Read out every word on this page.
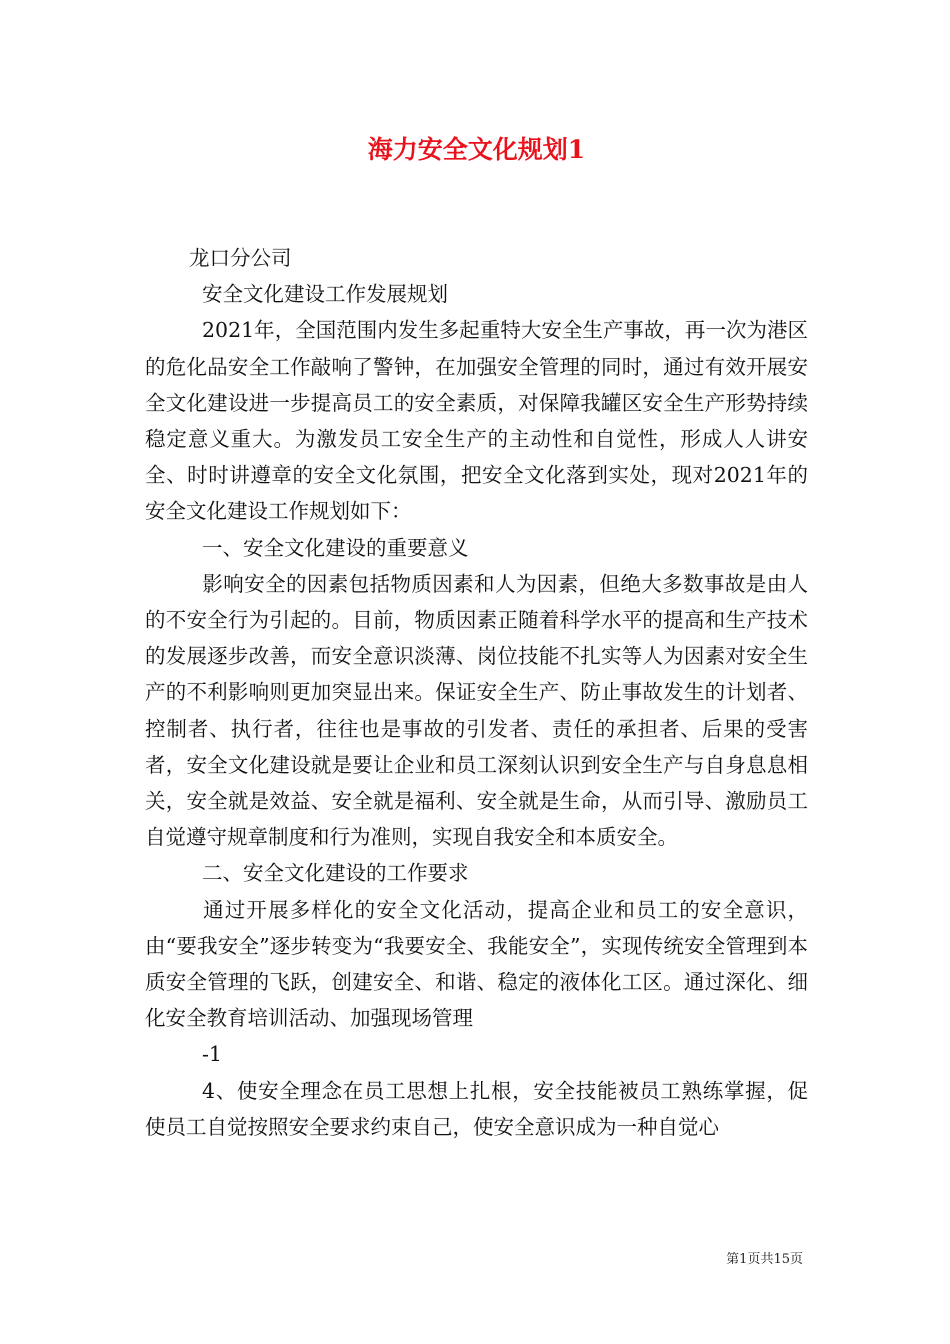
海力安全文化规划1

龙口分公司

安全文化建设工作发展规划

2021年，全国范围内发生多起重特大安全生产事故，再一次为港区的危化品安全工作敲响了警钟，在加强安全管理的同时，通过有效开展安全文化建设进一步提高员工的安全素质，对保障我罐区安全生产形势持续稳定意义重大。为激发员工安全生产的主动性和自觉性，形成人人讲安全、时时讲遵章的安全文化氛围，把安全文化落到实处，现对2021年的安全文化建设工作规划如下：

一、安全文化建设的重要意义

影响安全的因素包括物质因素和人为因素，但绝大多数事故是由人的不安全行为引起的。目前，物质因素正随着科学水平的提高和生产技术的发展逐步改善，而安全意识淡薄、岗位技能不扎实等人为因素对安全生产的不利影响则更加突显出来。保证安全生产、防止事故发生的计划者、控制者、执行者，往往也是事故的引发者、责任的承担者、后果的受害者，安全文化建设就是要让企业和员工深刻认识到安全生产与自身息息相关，安全就是效益、安全就是福利、安全就是生命，从而引导、激励员工自觉遵守规章制度和行为准则，实现自我安全和本质安全。

二、安全文化建设的工作要求

通过开展多样化的安全文化活动，提高企业和员工的安全意识，由“要我安全”逐步转变为“我要安全、我能安全”，实现传统安全管理到本质安全管理的飞跃，创建安全、和谐、稳定的液体化工区。通过深化、细化安全教育培训活动、加强现场管理

-1

4、使安全理念在员工思想上扎根，安全技能被员工熟练掌握，促使员工自觉按照安全要求约束自己，使安全意识成为一种自觉心

第1页共15页
